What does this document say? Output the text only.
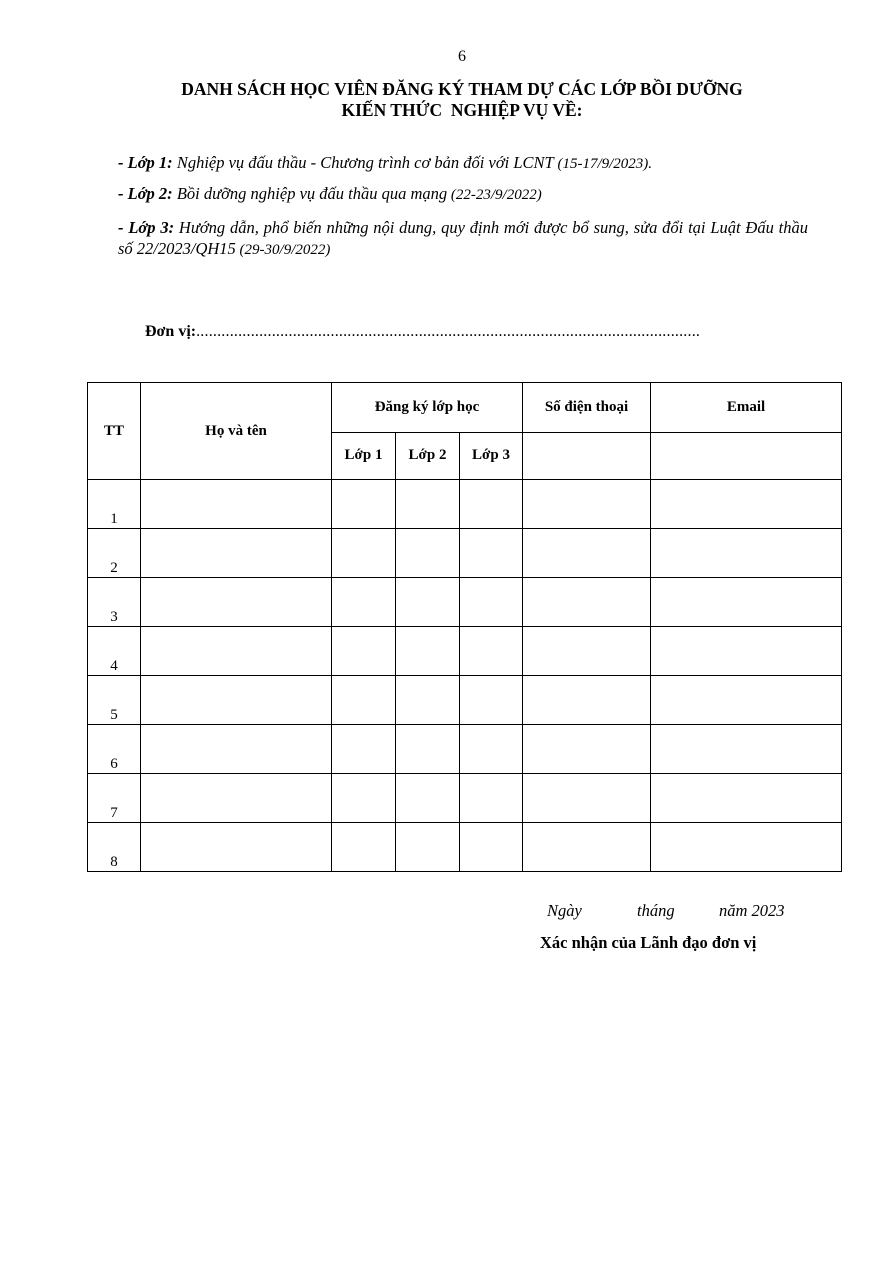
6
DANH SÁCH HỌC VIÊN ĐĂNG KÝ THAM DỰ CÁC LỚP BỒI DƯỠNG
KIẾN THỨC  NGHIỆP VỤ VỀ:
- Lớp 1: Nghiệp vụ đấu thầu - Chương trình cơ bản đối với LCNT (15-17/9/2023).
- Lớp 2: Bồi dưỡng nghiệp vụ đấu thầu qua mạng (22-23/9/2022)
- Lớp 3: Hướng dẫn, phổ biến những nội dung, quy định mới được bổ sung, sửa đổi tại Luật Đấu thầu số 22/2023/QH15 (29-30/9/2022)
Đơn vị:........................................................................................................................
TT	Họ và tên	Đăng ký lớp học			Số điện thoại	Email
		Lớp 1	Lớp 2	Lớp 3		
1						
2						
3						
4						
5						
6						
7						
8						
Ngày	tháng	năm 2023
Xác nhận của Lãnh đạo đơn vị
